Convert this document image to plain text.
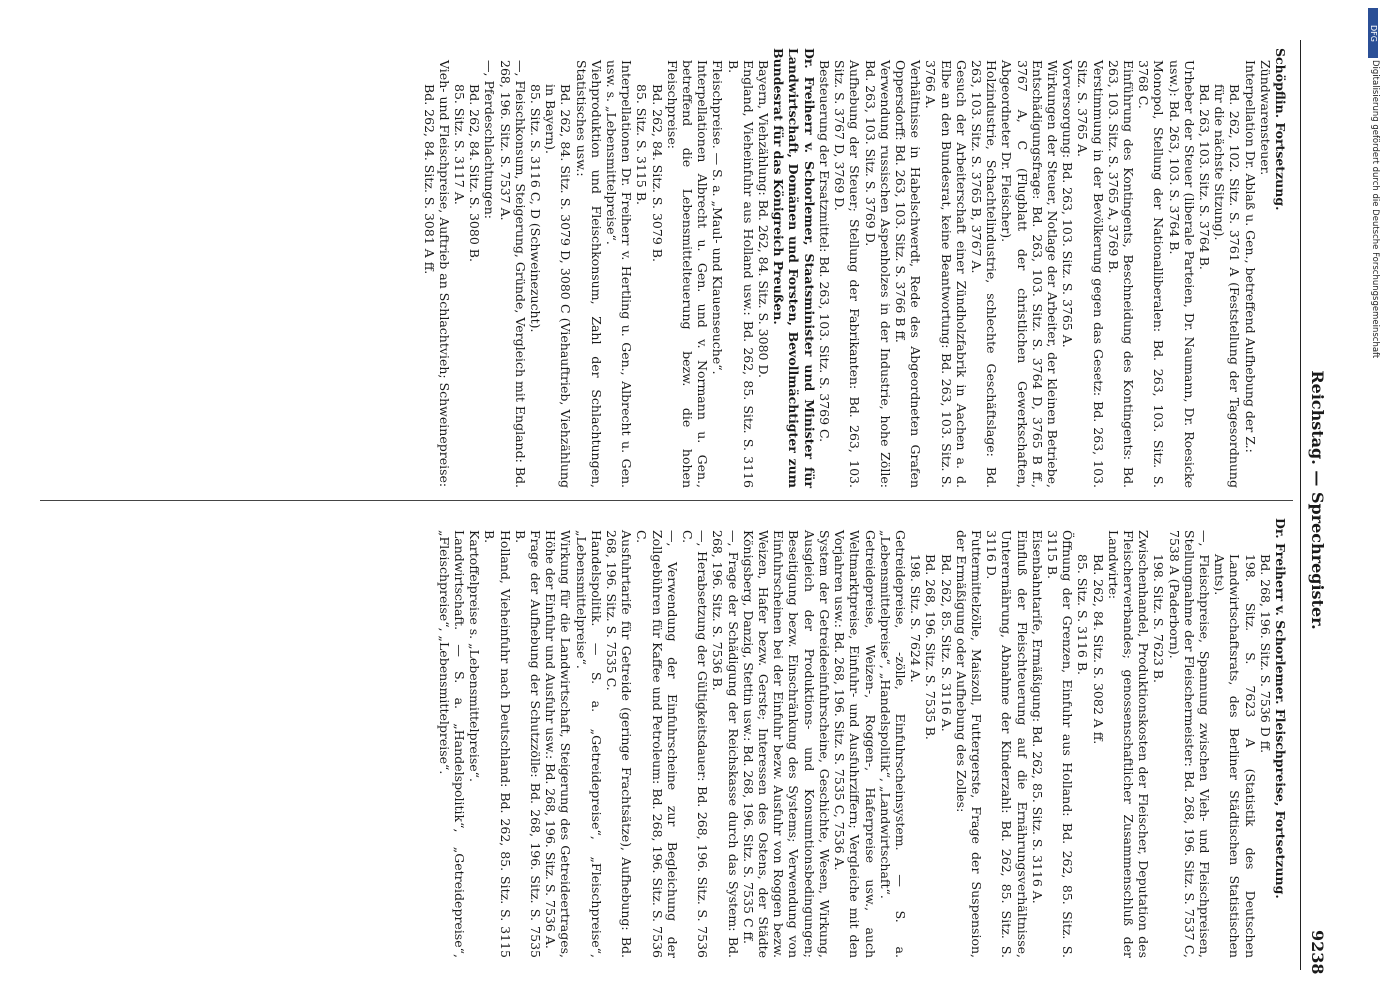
9238
Reichstag. — Sprechregister.

Schöpflin. Fortsetzung.

Zündwarensteuer.

Interpellation Dr. Ablaß u. Gen., betreffend Aufhebung der Z.:

Bd. 262, 102. Sitz. S. 3761 A (Feststellung der Tagesordnung für die nächste Sitzung).

Bd. 263, 103. Sitz. S. 3764 B.

Urheber der Steuer (liberale Parteien, Dr. Naumann, Dr. Roesicke usw.): Bd. 263, 103. S. 3764 B.

Monopol, Stellung der Nationalliberalen: Bd. 263, 103. Sitz. S. 3768 C.

Einführung des Kontingents, Beschneidung des Kontingents: Bd. 263, 103. Sitz. S. 3765 A, 3769 B.

Verstimmung in der Bevölkerung gegen das Gesetz: Bd. 263, 103. Sitz. S. 3765 A.

Vorversorgung: Bd. 263, 103. Sitz. S. 3765 A.

Wirkungen der Steuer, Notlage der Arbeiter, der kleinen Betriebe, Entschädigungsfrage: Bd. 263, 103. Sitz. S. 3764 D, 3765 B ff., 3767 A, C (Flugblatt der christlichen Gewerkschaften, Abgeordneter Dr. Fleischer).

Holzindustrie, Schachtelindustrie, schlechte Geschäftslage: Bd. 263, 103. Sitz. S. 3765 B, 3767 A.

Gesuch der Arbeiterschaft einer Zündholzfabrik in Aachen a. d. Elbe an den Bundesrat, keine Beantwortung: Bd. 263, 103. Sitz. S. 3766 A.

Verhältnisse in Habelschwerdt, Rede des Abgeordneten Grafen Oppersdorff: Bd. 263, 103. Sitz. S. 3766 B ff.

Verwendung russischen Aspenholzes in der Industrie, hohe Zölle: Bd. 263, 103. Sitz. S. 3769 D.

Aufhebung der Steuer; Stellung der Fabrikanten: Bd. 263, 103. Sitz. S. 3767 D, 3769 D.

Besteuerung der Ersatzmittel: Bd. 263, 103. Sitz. S. 3769 C.

Dr. Freiherr v. Schorlemer, Staatsminister und Minister für Landwirtschaft, Domänen und Forsten, Bevollmächtigter zum Bundesrat für das Königreich Preußen.

Bayern, Viehzählung: Bd. 262, 84. Sitz. S. 3080 D.

England, Vieheinfuhr aus Holland usw.: Bd. 262, 85. Sitz. S. 3116 B.

Fleischpreise. — S. a. „Maul- und Klauenseuche“.

Interpellationen Albrecht u. Gen. und v. Normann u. Gen., betreffend die Lebensmittelteuerung bezw. die hohen Fleischpreise:

Bd. 262, 84. Sitz. S. 3079 B.

85. Sitz. S. 3115 B.

Interpellationen Dr. Freiherr v. Hertling u. Gen., Albrecht u. Gen. usw. s. „Lebensmittelpreise“.

Viehproduktion und Fleischkonsum, Zahl der Schlachtungen, Statistisches usw.:

Bd. 262, 84. Sitz. S. 3079 D, 3080 C (Viehauftrieb, Viehzählung in Bayern).

85. Sitz. S. 3116 C, D (Schweinezucht).

—, Fleischkonsum, Steigerung, Gründe, Vergleich mit England: Bd. 268, 196. Sitz. S. 7537 A.

—, Pferdeschlachtungen:

Bd. 262, 84. Sitz. S. 3080 B.

85. Sitz. S. 3117 A.

Vieh- und Fleischpreise, Auftrieb an Schlachtvieh; Schweinepreise:

Bd. 262, 84. Sitz. S. 3081 A ff.

Dr. Freiherr v. Schorlemer. Fleischpreise, Fortsetzung.

Bd. 268, 196. Sitz. S. 7536 D ff.

198. Sitz. S. 7623 A (Statistik des Deutschen Landwirtschaftsrats, des Berliner Städtischen Statistischen Amts).

—, Fleischpreise, Spannung zwischen Vieh- und Fleischpreisen, Stellungnahme der Fleischermeister: Bd. 268, 196. Sitz. S. 7537 C, 7538 A (Paderborn).

198. Sitz. S. 7623 B.

Zwischenhandel, Produktionskosten der Fleischer, Deputation des Fleischerverbandes; genossenschaftlicher Zusammenschluß der Landwirte:

Bd. 262, 84. Sitz. S. 3082 A ff.

85. Sitz. S. 3116 B.

Öffnung der Grenzen, Einfuhr aus Holland: Bd. 262, 85. Sitz. S. 3115 B.

Eisenbahntarife, Ermäßigung: Bd. 262, 85. Sitz. S. 3116 A.

Einfluß der Fleischteuerung auf die Ernährungsverhältnisse, Unterernährung, Abnahme der Kinderzahl: Bd. 262, 85. Sitz. S. 3116 D.

Futtermittelzölle, Maiszoll, Futtergerste, Frage der Suspension, der Ermäßigung oder Aufhebung des Zolles:

Bd. 262, 85. Sitz. S. 3116 A.

Bd. 268, 196. Sitz. S. 7535 B.

198. Sitz. S. 7624 A.

Getreidepreise, -zölle, Einfuhrscheinsystem. — S. a. „Lebensmittelpreise“, „Handelspolitik“, „Landwirtschaft“.

Getreidepreise, Weizen-, Roggen-, Haferpreise usw., auch Weltmarktpreise, Einfuhr- und Ausfuhrziffern; Vergleiche mit den Vorjahren usw.: Bd. 268, 196. Sitz. S. 7535 C, 7536 A.

System der Getreideeinfuhrscheine, Geschichte, Wesen, Wirkung, Ausgleich der Produktions- und Konsumtionsbedingungen; Beseitigung bezw. Einschränkung des Systems; Verwendung von Einfuhrscheinen bei der Einfuhr bezw. Ausfuhr von Roggen bezw. Weizen, Hafer bezw. Gerste; Interessen des Ostens, der Städte Königsberg, Danzig, Stettin usw.: Bd. 268, 196. Sitz. S. 7535 C ff.

—, Frage der Schädigung der Reichskasse durch das System: Bd. 268, 196. Sitz. S. 7536 B.

—, Herabsetzung der Gültigkeitsdauer: Bd. 268, 196. Sitz. S. 7536 C.

—, Verwendung der Einfuhrscheine zur Begleichung der Zollgebühren für Kaffee und Petroleum: Bd. 268, 196. Sitz. S. 7536 C.

Ausfuhrtarife für Getreide (geringe Frachtsätze), Aufhebung: Bd. 268, 196. Sitz. S. 7535 C.

Handelspolitik. — S. a. „Getreidepreise“, „Fleischpreise“, „Lebensmittelpreise“.

Wirkung für die Landwirtschaft, Steigerung des Getreideertrages, Höhe der Einfuhr und Ausfuhr usw.: Bd. 268, 196. Sitz. S. 7536 A.

Frage der Aufhebung der Schutzzölle: Bd. 268, 196. Sitz. S. 7535 B.

Holland, Vieheinfuhr nach Deutschland: Bd. 262, 85. Sitz. S. 3115 B.

Kartoffelpreise s. „Lebensmittelpreise“.

Landwirtschaft. — S. a. „Handelspolitik“, „Getreidepreise“, „Fleischpreise“, „Lebensmittelpreise“.

DFG
Digitalisierung gefördert durch die Deutsche Forschungsgemeinschaft
